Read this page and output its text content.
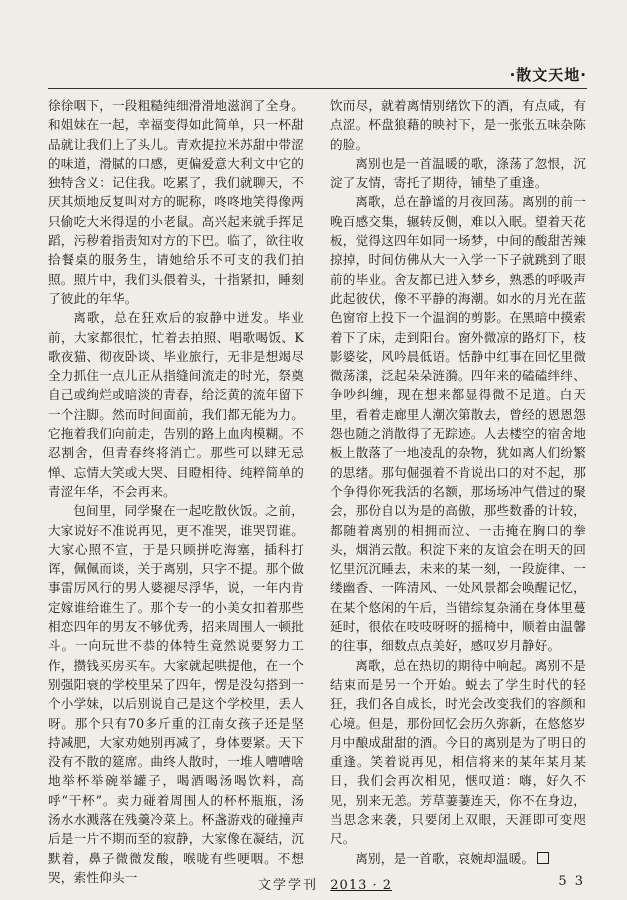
·散文天地·

徐徐咽下，一段粗糙纯细滑滑地滋润了全身。和姐妹在一起，幸福变得如此简单，只一杯甜品就让我们上了头儿。青欢提拉米苏甜中带涩的味道，滑腻的口感，更偏爱意大利文中它的独特含义：记住我。吃累了，我们就聊天，不厌其烦地反复叫对方的昵称，咚咚地笑得像两只偷吃大米得逞的小老鼠。高兴起来就手挥足蹈，污秽着指责知对方的下巴。临了，欲往收拾餐桌的服务生，请她给乐不可支的我们拍照。照片中，我们头偎着头，十指紧扣，睡刻了彼此的年华。

离歌，总在狂欢后的寂静中迸发。毕业前，大家都很忙，忙着去拍照、唱歌喝饭、K歌夜猫、彻夜卧谈、毕业旅行，无非是想竭尽全力抓住一点儿正从指缝间流走的时光，祭奠自己或绚烂或暗淡的青春，给泛黄的流年留下一个注脚。然而时间面前，我们都无能为力。它拖着我们向前走，告别的路上血肉模糊。不忍割舍，但青春终将消亡。那些可以肆无忌惮、忘情大笑或大哭、目瞪相待、纯粹简单的青涩年华，不会再来。

包间里，同学聚在一起吃散伙饭。之前，大家说好不准说再见，更不准哭，谁哭罚谁。大家心照不宣，于是只顾拼吃海塞，插科打诨，佩佩而谈，关于离别，只字不提。那个做事雷厉风行的男人婆褪尽浮华，说，一年内肯定嫁谁给谁生了。那个专一的小美女扣着那些相恋四年的男友不够优秀，招来周围人一顿批斗。一向玩世不恭的体特生竟然说要努力工作，攒钱买房买车。大家就起哄提他，在一个别强阳衰的学校里呆了四年，愣是没勾搭到一个小学妹，以后别说自己是这个学校里，丢人呀。那个只有70多斤重的江南女孩子还是坚持减肥，大家劝她别再减了，身体要紧。天下没有不散的筵席。曲终人散时，一堆人嘈嘈啥地举杯举碗举罐子，喝酒喝汤喝饮料，高呼“干杯”。卖力碰着周围人的杯杯瓶瓶，汤汤水水溅落在残羹冷菜上。杯盏游戏的碰撞声后是一片不期而至的寂静，大家像在凝结，沉默着，鼻子微微发酸，喉咙有些哽咽。不想哭，索性仰头一

饮而尽，就着离情别绪饮下的酒，有点咸，有点涩。杯盘狼藉的映衬下，是一张张五味杂陈的脸。

离别也是一首温暖的歌，涤荡了忽恨，沉淀了友情，寄托了期待，铺垫了重逢。

离歌，总在静谧的月夜回荡。离别的前一晚百感交集，辗转反侧，难以入眠。望着天花板，觉得这四年如同一场梦，中间的酸甜苦辣掠掉，时间仿佛从大一入学一下子就跳到了眼前的毕业。舍友都已进入梦乡，熟悉的呼吸声此起彼伏，像不平静的海潮。如水的月光在蓝色窗帘上投下一个温润的剪影。在黑暗中摸索着下了床，走到阳台。窗外微凉的路灯下，枝影婆娑，风吟晨低语。恬静中红事在回忆里微微荡漾，泛起朵朵涟漪。四年来的磕磕绊绊、争吵纠缠，现在想来都显得微不足道。白天里，看着走廊里人潮次第散去，曾经的恩恩怨怨也随之消散得了无踪迹。人去楼空的宿舍地板上散落了一地凌乱的杂物，犹如离人们纷繁的思绪。那句倔强着不肯说出口的对不起，那个争得你死我活的名额，那场场冲气借过的聚会，那份自以为是的高傲，那些数番的计较，都随着离别的相拥而泣、一击掩在胸口的拳头，烟消云散。积淀下来的友谊会在明天的回忆里沉沉睡去，未来的某一刻，一段旋律、一缕幽香、一阵清风、一处风景都会唤醒记忆，在某个悠闲的午后，当错综复杂涌在身体里蔓延时，很依在吱吱呀呀的摇椅中，顺着由温馨的往事，细数点点美好，感叹岁月静好。

离歌，总在热切的期待中响起。离别不是结束而是另一个开始。蜕去了学生时代的轻狂，我们各自成长，时光会改变我们的容颜和心境。但是，那份回忆会历久弥新，在悠悠岁月中酿成甜甜的酒。今日的离别是为了明日的重逢。笑着说再见，相信将来的某年某月某日，我们会再次相见，惬叹道：嗨，好久不见，别来无恙。芳草萋萋连天，你不在身边，当思念来袭，只要闭上双眼，天涯即可变咫尺。

离别，是一首歌，哀婉却温暖。

文学学刊 2013 · 2	5 3
